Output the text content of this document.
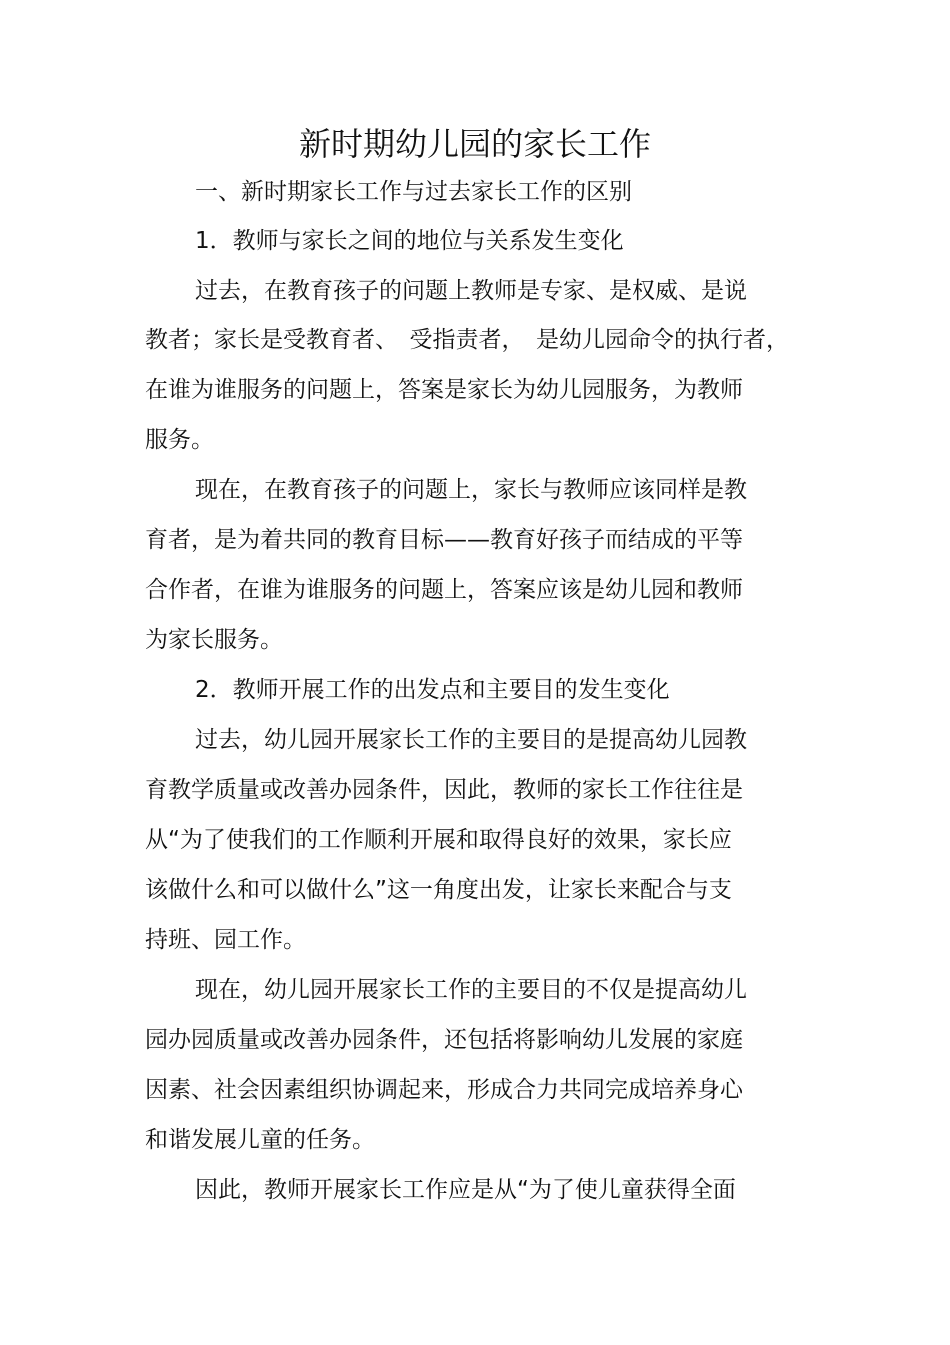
新时期幼儿园的家长工作
一、新时期家长工作与过去家长工作的区别
1．教师与家长之间的地位与关系发生变化
过去，在教育孩子的问题上教师是专家、是权威、是说
教者；家长是受教育者、　受指责者，　是幼儿园命令的执行者，
在谁为谁服务的问题上，答案是家长为幼儿园服务，为教师
服务。
现在，在教育孩子的问题上，家长与教师应该同样是教
育者，是为着共同的教育目标——教育好孩子而结成的平等
合作者，在谁为谁服务的问题上，答案应该是幼儿园和教师
为家长服务。
2．教师开展工作的出发点和主要目的发生变化
过去，幼儿园开展家长工作的主要目的是提高幼儿园教
育教学质量或改善办园条件，因此，教师的家长工作往往是
从“为了使我们的工作顺利开展和取得良好的效果，家长应
该做什么和可以做什么”这一角度出发，让家长来配合与支
持班、园工作。
现在，幼儿园开展家长工作的主要目的不仅是提高幼儿
园办园质量或改善办园条件，还包括将影响幼儿发展的家庭
因素、社会因素组织协调起来，形成合力共同完成培养身心
和谐发展儿童的任务。
因此，教师开展家长工作应是从“为了使儿童获得全面
